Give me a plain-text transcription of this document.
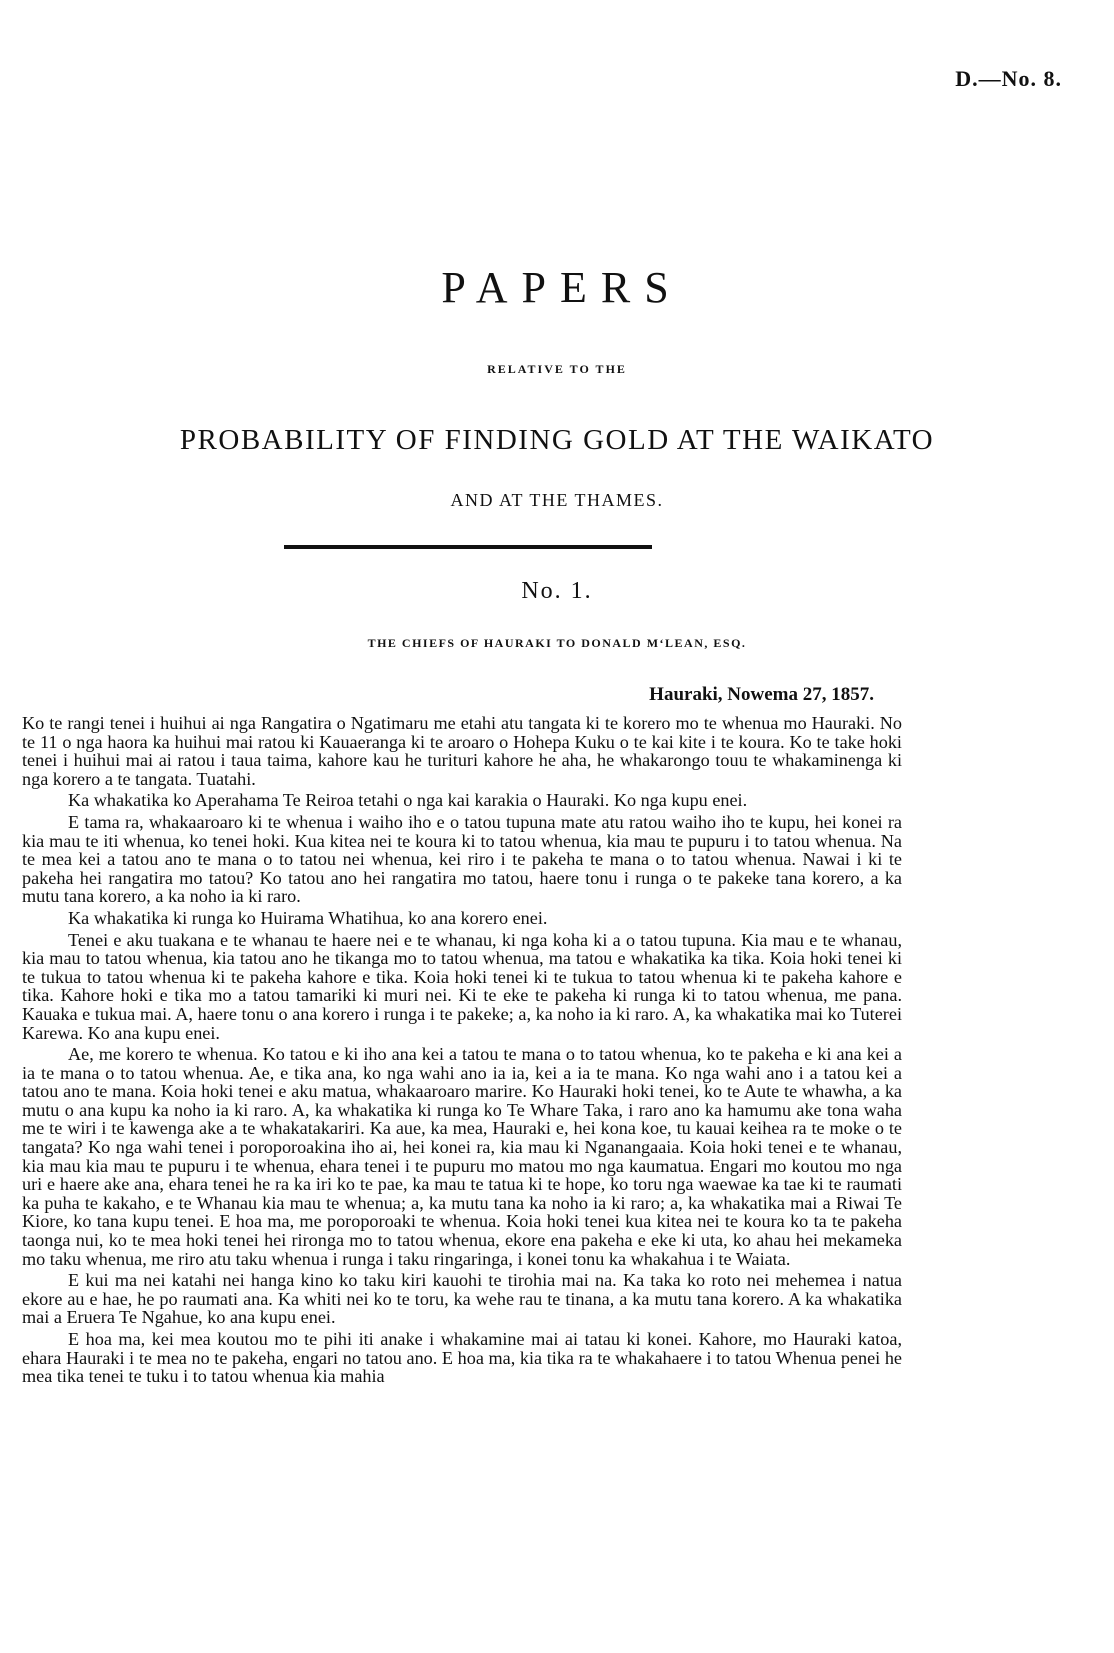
D.—No. 8.
PAPERS
RELATIVE TO THE
PROBABILITY OF FINDING GOLD AT THE WAIKATO
AND AT THE THAMES.
No. 1.
THE CHIEFS OF HAURAKI TO DONALD M‘LEAN, ESQ.
Hauraki, Nowema 27, 1857.

Ko te rangi tenei i huihui ai nga Rangatira o Ngatimaru me etahi atu tangata ki te korero mo te whenua mo Hauraki. No te 11 o nga haora ka huihui mai ratou ki Kauaeranga ki te aroaro o Hohepa Kuku o te kai kite i te koura. Ko te take hoki tenei i huihui mai ai ratou i taua taima, kahore kau he turituri kahore he aha, he whakarongo touu te whakaminenga ki nga korero a te tangata. Tuatahi.

Ka whakatika ko Aperahama Te Reiroa tetahi o nga kai karakia o Hauraki. Ko nga kupu enei.

E tama ra, whakaaroaro ki te whenua i waiho iho e o tatou tupuna mate atu ratou waiho iho te kupu, hei konei ra kia mau te iti whenua, ko tenei hoki. Kua kitea nei te koura ki to tatou whenua, kia mau te pupuru i to tatou whenua. Na te mea kei a tatou ano te mana o to tatou nei whenua, kei riro i te pakeha te mana o to tatou whenua. Nawai i ki te pakeha hei rangatira mo tatou? Ko tatou ano hei rangatira mo tatou, haere tonu i runga o te pakeke tana korero, a ka mutu tana korero, a ka noho ia ki raro.

Ka whakatika ki runga ko Huirama Whatihua, ko ana korero enei.

Tenei e aku tuakana e te whanau te haere nei e te whanau, ki nga koha ki a o tatou tupuna. Kia mau e te whanau, kia mau to tatou whenua, kia tatou ano he tikanga mo to tatou whenua, ma tatou e whakatika ka tika. Koia hoki tenei ki te tukua to tatou whenua ki te pakeha kahore e tika. Koia hoki tenei ki te tukua to tatou whenua ki te pakeha kahore e tika. Kahore hoki e tika mo a tatou tamariki ki muri nei. Ki te eke te pakeha ki runga ki to tatou whenua, me pana. Kauaka e tukua mai. A, haere tonu o ana korero i runga i te pakeke; a, ka noho ia ki raro. A, ka whakatika mai ko Tuterei Karewa. Ko ana kupu enei.

Ae, me korero te whenua. Ko tatou e ki iho ana kei a tatou te mana o to tatou whenua, ko te pakeha e ki ana kei a ia te mana o to tatou whenua. Ae, e tika ana, ko nga wahi ano ia ia, kei a ia te mana. Ko nga wahi ano i a tatou kei a tatou ano te mana. Koia hoki tenei e aku matua, whakaaroaro marire. Ko Hauraki hoki tenei, ko te Aute te whawha, a ka mutu o ana kupu ka noho ia ki raro. A, ka whakatika ki runga ko Te Whare Taka, i raro ano ka hamumu ake tona waha me te wiri i te kawenga ake a te whakatakariri. Ka aue, ka mea, Hauraki e, hei kona koe, tu kauai keihea ra te moke o te tangata? Ko nga wahi tenei i poroporoakina iho ai, hei konei ra, kia mau ki Nganangaaia. Koia hoki tenei e te whanau, kia mau kia mau te pupuru i te whenua, ehara tenei i te pupuru mo matou mo nga kaumatua. Engari mo koutou mo nga uri e haere ake ana, ehara tenei he ra ka iri ko te pae, ka mau te tatua ki te hope, ko toru nga waewae ka tae ki te raumati ka puha te kakaho, e te Whanau kia mau te whenua; a, ka mutu tana ka noho ia ki raro; a, ka whakatika mai a Riwai Te Kiore, ko tana kupu tenei. E hoa ma, me poroporoaki te whenua. Koia hoki tenei kua kitea nei te koura ko ta te pakeha taonga nui, ko te mea hoki tenei hei rironga mo to tatou whenua, ekore ena pakeha e eke ki uta, ko ahau hei mekameka mo taku whenua, me riro atu taku whenua i runga i taku ringaringa, i konei tonu ka whakahua i te Waiata.

E kui ma nei katahi nei hanga kino ko taku kiri kauohi te tirohia mai na. Ka taka ko roto nei mehemea i natua ekore au e hae, he po raumati ana. Ka whiti nei ko te toru, ka wehe rau te tinana, a ka mutu tana korero. A ka whakatika mai a Eruera Te Ngahue, ko ana kupu enei.

E hoa ma, kei mea koutou mo te pihi iti anake i whakamine mai ai tatau ki konei. Kahore, mo Hauraki katoa, ehara Hauraki i te mea no te pakeha, engari no tatou ano. E hoa ma, kia tika ra te whakahaere i to tatou Whenua penei he mea tika tenei te tuku i to tatou whenua kia mahia
